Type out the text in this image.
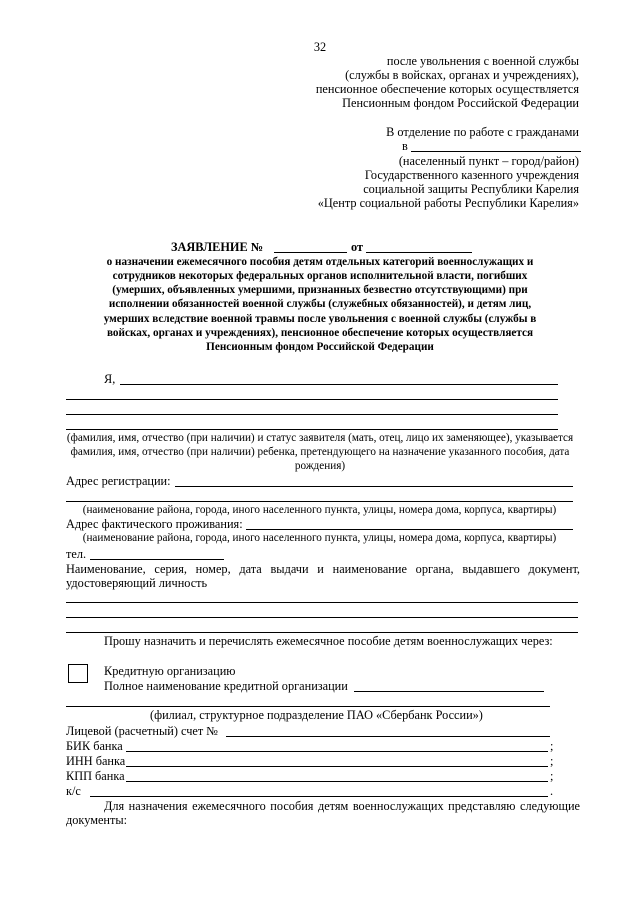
32
после увольнения с военной службы
(службы в войсках, органах и учреждениях),
пенсионное обеспечение которых осуществляется
Пенсионным фондом Российской Федерации
В отделение по работе с гражданами
в
(населенный пункт – город/район)
Государственного казенного учреждения
социальной защиты Республики Карелия
«Центр социальной работы Республики Карелия»
ЗАЯВЛЕНИЕ №	от
о назначении ежемесячного пособия детям отдельных категорий военнослужащих и
сотрудников некоторых федеральных органов исполнительной власти, погибших
(умерших, объявленных умершими, признанных безвестно отсутствующими) при
исполнении обязанностей военной службы (служебных обязанностей), и детям лиц,
умерших вследствие военной травмы после увольнения с военной службы (службы в
войсках, органах и учреждениях), пенсионное обеспечение которых осуществляется
Пенсионным фондом Российской Федерации
Я,
(фамилия, имя, отчество (при наличии) и статус заявителя (мать, отец, лицо их заменяющее), указывается
фамилия, имя, отчество (при наличии) ребенка, претендующего на назначение указанного пособия, дата
рождения)
Адрес регистрации:
(наименование района, города, иного населенного пункта, улицы, номера дома, корпуса, квартиры)
Адрес фактического проживания:
(наименование района, города, иного населенного пункта, улицы, номера дома, корпуса, квартиры)
тел.
Наименование, серия, номер, дата выдачи и наименование органа, выдавшего документ,
удостоверяющий личность
Прошу назначить и перечислять ежемесячное пособие детям военнослужащих через:
Кредитную организацию
Полное наименование кредитной организации
(филиал, структурное подразделение ПАО «Сбербанк России»)
Лицевой (расчетный) счет №
БИК банка	;
ИНН банка	;
КПП банка	;
к/с	.
Для назначения ежемесячного пособия детям военнослужащих представляю следующие
документы:
